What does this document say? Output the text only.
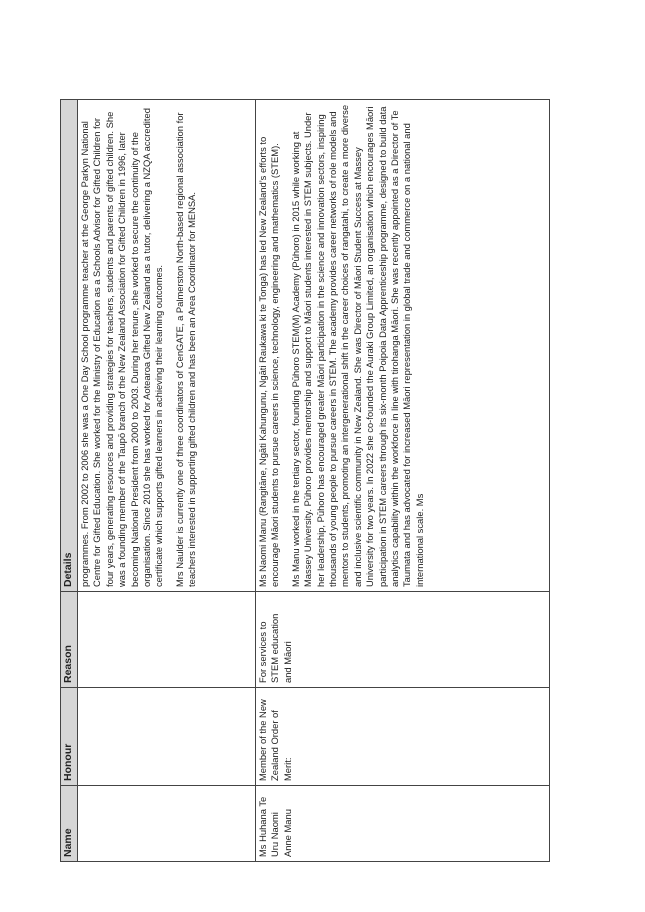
Name	Honour	Reason	Details

			programmes. From 2002 to 2006 she was a One Day School programme teacher at the George Parkyn National Centre for Gifted Education. She worked for the Ministry of Education as a Schools Advisor for Gifted Children for four years, generating resources and providing strategies for teachers, students and parents of gifted children. She was a founding member of the Taupō branch of the New Zealand Association for Gifted Children in 1996, later becoming National President from 2000 to 2003. During her tenure, she worked to secure the continuity of the organisation. Since 2010 she has worked for Aotearoa Gifted New Zealand as a tutor, delivering a NZQA accredited certificate which supports gifted learners in achieving their learning outcomes. Mrs Naulder is currently one of three coordinators of CenGATE, a Palmerston North-based regional association for teachers interested in supporting gifted children and has been an Area Coordinator for MENSA.

Ms Huhana Te Uru Naomi Anne Manu	Member of the New Zealand Order of Merit:	For services to STEM education and Māori	Ms Naomi Manu (Rangitāne, Ngāti Kahungunu, Ngāti Raukawa ki te Tonga) has led New Zealand’s efforts to encourage Māori students to pursue careers in science, technology, engineering and mathematics (STEM). Ms Manu worked in the tertiary sector, founding Pūhoro STEM(M) Academy (Pūhoro) in 2015 while working at Massey University. Pūhoro provides mentorship and support to Māori students interested in STEM subjects. Under her leadership, Pūhoro has encouraged greater Māori participation in the science and innovation sectors, inspiring thousands of young people to pursue careers in STEM. The academy provides career networks of role models and mentors to students, promoting an intergenerational shift in the career choices of rangatahi, to create a more diverse and inclusive scientific community in New Zealand. She was Director of Māori Student Success at Massey University for two years. In 2022 she co-founded the Auraki Group Limited, an organisation which encourages Māori participation in STEM careers through its six-month Poipoia Data Apprenticeship programme, designed to build data analytics capability within the workforce in line with tirohanga Māori. She was recently appointed as a Director of Te Taumata and has advocated for increased Māori representation in global trade and commerce on a national and international scale. Ms
